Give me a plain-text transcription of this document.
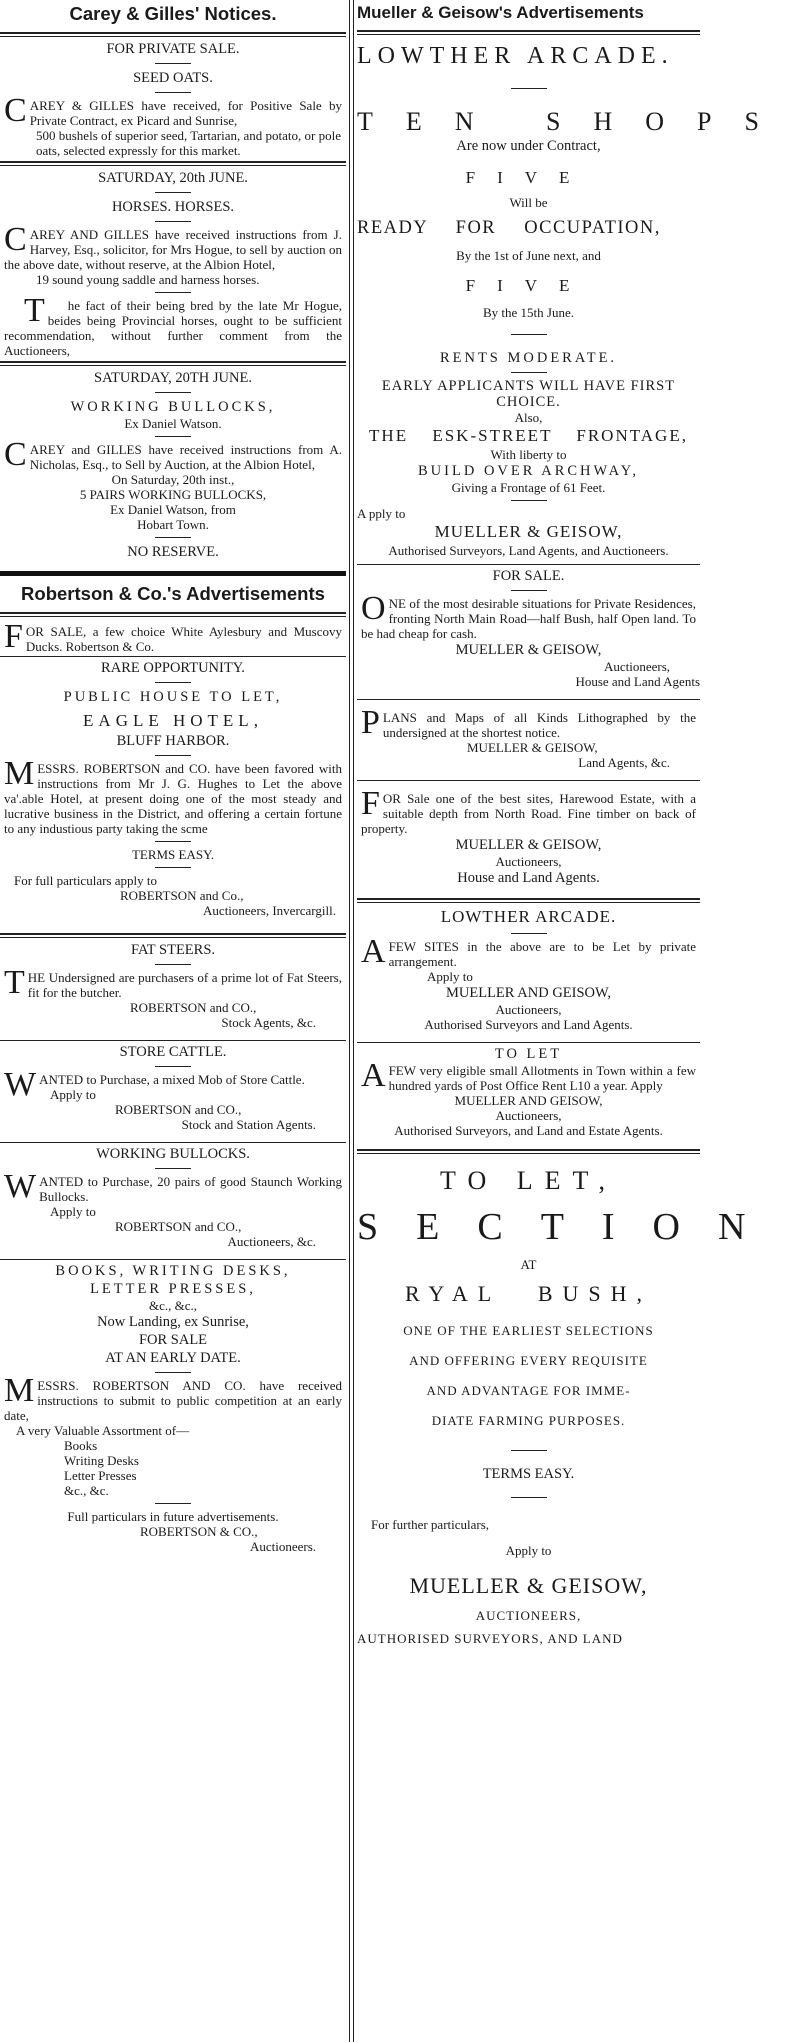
Carey & Gilles' Notices.
FOR PRIVATE SALE.
SEED OATS.
CAREY & GILLES have received, for Positive Sale by Private Contract, ex Picard and Sunrise,
500 bushels of superior seed, Tartarian, and potato, or pole oats, selected expressly for this market.
SATURDAY, 20th JUNE.
HORSES. HORSES.
CAREY AND GILLES have received instructions from J. Harvey, Esq., solicitor, for Mrs Hogue, to sell by auction on the above date, without reserve, at the Albion Hotel,
19 sound young saddle and harness horses.
The fact of their being bred by the late Mr Hogue, beides being Provincial horses, ought to be sufficient recommendation, without further comment from the Auctioneers,
SATURDAY, 20TH JUNE.
WORKING BULLOCKS,
Ex Daniel Watson.
CAREY and GILLES have received instructions from A. Nicholas, Esq., to Sell by Auction, at the Albion Hotel,
On Saturday, 20th inst.,
5 PAIRS WORKING BULLOCKS,
Ex Daniel Watson, from
Hobart Town.
NO RESERVE.
Robertson & Co.'s Advertisements
FOR SALE, a few choice White Aylesbury and Muscovy Ducks. Robertson & Co.
RARE OPPORTUNITY.
PUBLIC HOUSE TO LET,
EAGLE HOTEL,
BLUFF HARBOR.
MESSRS. ROBERTSON and CO. have been favored with instructions from Mr J. G. Hughes to Let the above va'.able Hotel, at present doing one of the most steady and lucrative business in the District, and offering a certain fortune to any industious party taking the scme
TERMS EASY.
For full particulars apply to
ROBERTSON and Co.,
Auctioneers, Invercargill.
FAT STEERS.
THE Undersigned are purchasers of a prime lot of Fat Steers, fit for the butcher.
ROBERTSON and CO.,
Stock Agents, &c.
STORE CATTLE.
WANTED to Purchase, a mixed Mob of Store Cattle.
Apply to
ROBERTSON and CO.,
Stock and Station Agents.
WORKING BULLOCKS.
WANTED to Purchase, 20 pairs of good Staunch Working Bullocks.
Apply to
ROBERTSON and CO.,
Auctioneers, &c.
BOOKS, WRITING DESKS,
LETTER PRESSES,
&c., &c.,
Now Landing, ex Sunrise,
FOR SALE
AT AN EARLY DATE.
MESSRS. ROBERTSON AND CO. have received instructions to submit to public competition at an early date,
A very Valuable Assortment of—
Books
Writing Desks
Letter Presses
&c., &c.
Full particulars in future advertisements.
ROBERTSON & CO.,
Auctioneers.
Mueller & Geisow's Advertisements
LOWTHER ARCADE.
TEN SHOPS
Are now under Contract,
FIVE
Will be
READY FOR OCCUPATION,
By the 1st of June next, and
FIVE
By the 15th June.
RENTS MODERATE.
EARLY APPLICANTS WILL HAVE FIRST CHOICE.
Also,
THE ESK-STREET FRONTAGE,
With liberty to
BUILD OVER ARCHWAY,
Giving a Frontage of 61 Feet.
A pply to
MUELLER & GEISOW,
Authorised Surveyors, Land Agents, and Auctioneers.
FOR SALE.
ONE of the most desirable situations for Private Residences, fronting North Main Road—half Bush, half Open land. To be had cheap for cash.
MUELLER & GEISOW,
Auctioneers,
House and Land Agents
PLANS and Maps of all Kinds Lithographed by the undersigned at the shortest notice.
MUELLER & GEISOW,
Land Agents, &c.
FOR Sale one of the best sites, Harewood Estate, with a suitable depth from North Road. Fine timber on back of property.
MUELLER & GEISOW,
Auctioneers,
House and Land Agents.
LOWTHER ARCADE.
AFEW SITES in the above are to be Let by private arrangement.
Apply to
MUELLER AND GEISOW,
Auctioneers,
Authorised Surveyors and Land Agents.
TO LET
AFEW very eligible small Allotments in Town within a few hundred yards of Post Office Rent L10 a year. Apply
MUELLER AND GEISOW,
Auctioneers,
Authorised Surveyors, and Land and Estate Agents.
TO LET,
SECTION
AT
RYAL BUSH,
ONE OF THE EARLIEST SELECTIONS
AND OFFERING EVERY REQUISITE
AND ADVANTAGE FOR IMME-
DIATE FARMING PURPOSES.
TERMS EASY.
For further particulars,
Apply to
MUELLER & GEISOW,
AUCTIONEERS,
AUTHORISED SURVEYORS, AND LAND
